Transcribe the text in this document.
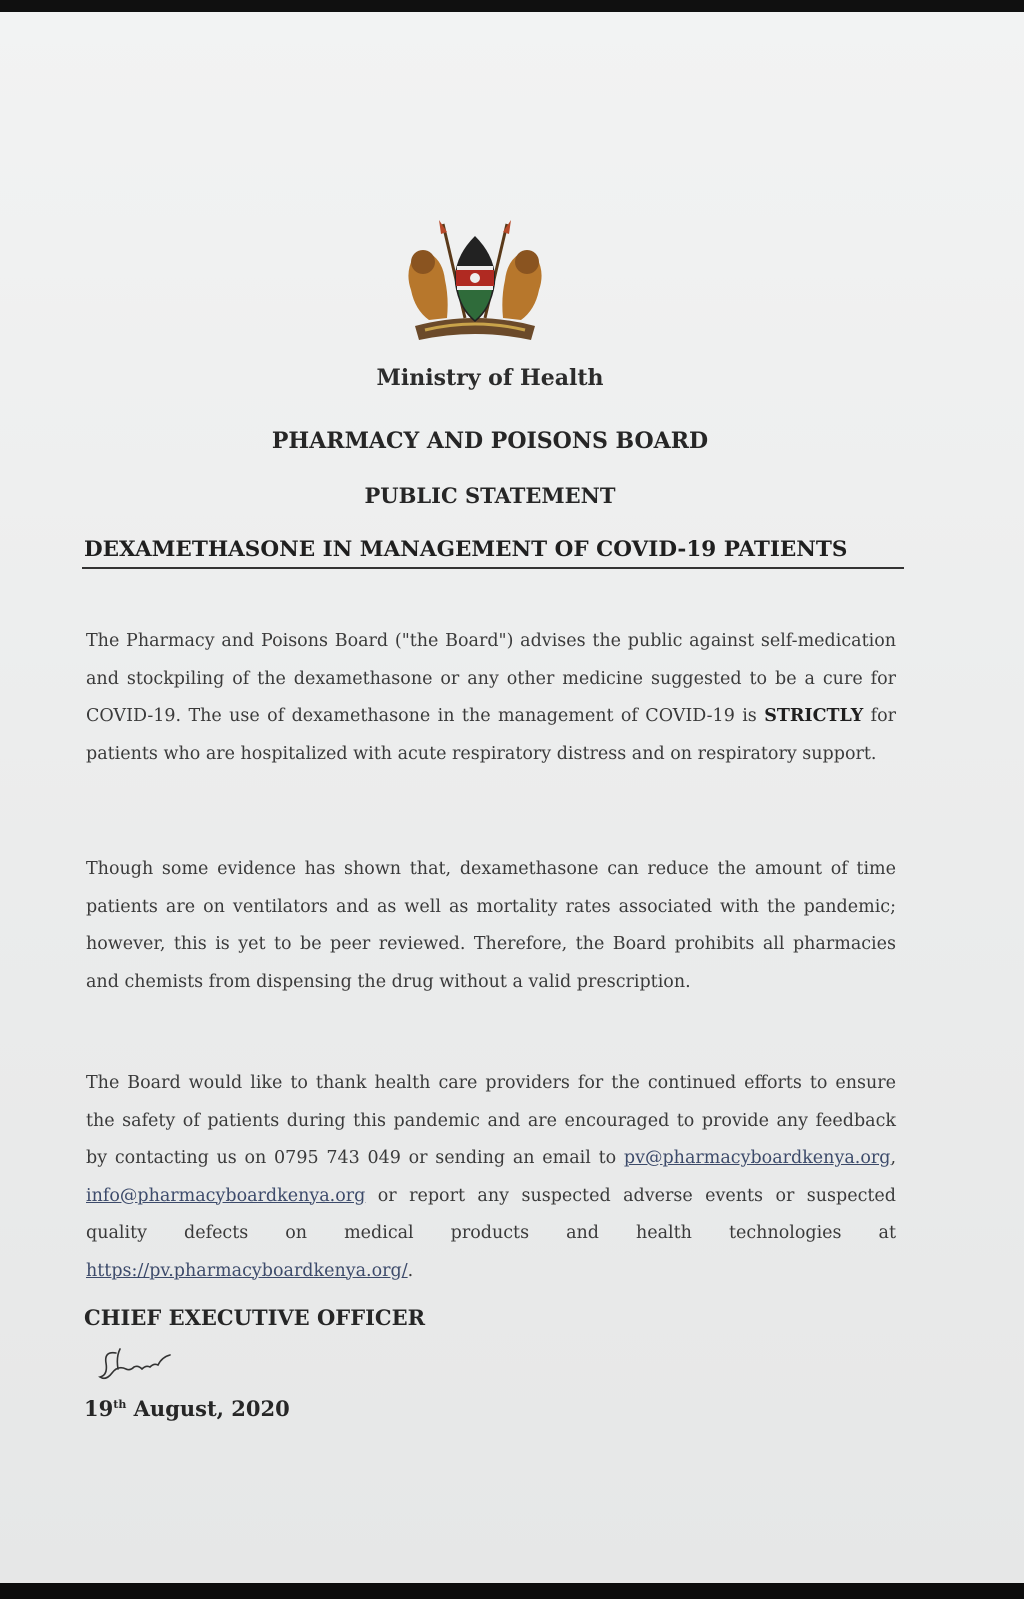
Ministry of Health
PHARMACY AND POISONS BOARD
PUBLIC STATEMENT
DEXAMETHASONE IN MANAGEMENT OF COVID-19 PATIENTS
The Pharmacy and Poisons Board ("the Board") advises the public against self-medication and stockpiling of the dexamethasone or any other medicine suggested to be a cure for COVID-19. The use of dexamethasone in the management of COVID-19 is STRICTLY for patients who are hospitalized with acute respiratory distress and on respiratory support.
Though some evidence has shown that, dexamethasone can reduce the amount of time patients are on ventilators and as well as mortality rates associated with the pandemic; however, this is yet to be peer reviewed. Therefore, the Board prohibits all pharmacies and chemists from dispensing the drug without a valid prescription.
The Board would like to thank health care providers for the continued efforts to ensure the safety of patients during this pandemic and are encouraged to provide any feedback by contacting us on 0795 743 049 or sending an email to pv@pharmacyboardkenya.org, info@pharmacyboardkenya.org or report any suspected adverse events or suspected quality defects on medical products and health technologies at https://pv.pharmacyboardkenya.org/.
CHIEF EXECUTIVE OFFICER
19th August, 2020
